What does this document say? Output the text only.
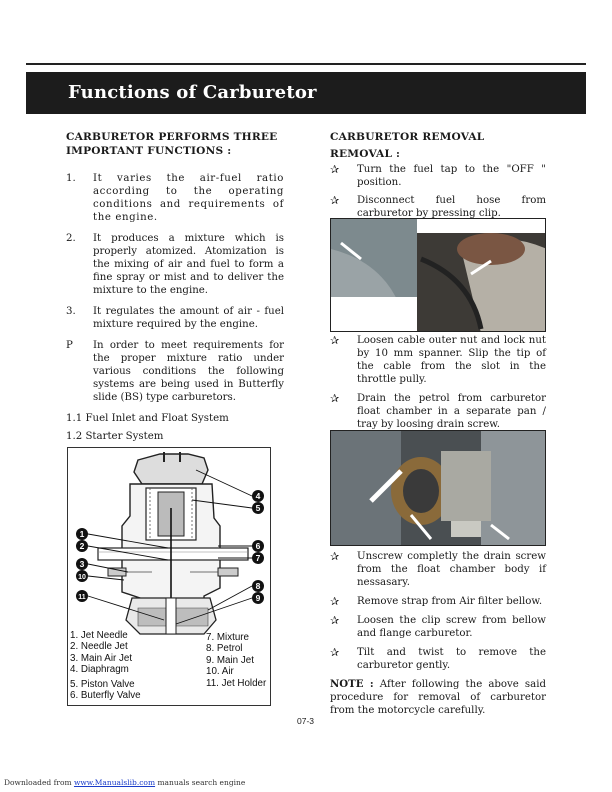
Functions of Carburetor
CARBURETOR PERFORMS THREE
IMPORTANT FUNCTIONS :
1.	It varies the air-fuel ratio according to the operating conditions and requirements of the engine.
2.	It produces a mixture which is properly atomized. Atomization is the mixing of air and fuel to form a fine spray or mist and to deliver the mixture to the engine.
3.	It regulates the amount of air - fuel mixture required by the engine.
P	In order to meet requirements for the proper mixture ratio under various conditions the following systems are being used in Butterfly slide (BS) type carburetors.
1.1 Fuel Inlet and Float System
1.2 Starter System
1
2
3
10
11
4
5
6
7
8
9
1. Jet Needle
2. Needle Jet
3. Main Air Jet
4. Diaphragm
5. Piston Valve
6. Buterfly Valve
7. Mixture
8. Petrol
9. Main Jet
10. Air
11. Jet Holder
CARBURETOR REMOVAL
REMOVAL :
✰	Turn the fuel tap to the "OFF " position.
✰	Disconnect fuel hose from carburetor by pressing clip.
✰	Loosen cable outer nut and lock nut by 10 mm spanner. Slip the tip of the cable from the slot in the throttle pully.
✰	Drain the petrol from carburetor float chamber in a separate pan / tray by loosing drain screw.
✰	Unscrew completly the drain screw from the float chamber body if nessasary.
✰	Remove strap from Air filter bellow.
✰	Loosen the clip screw from bellow and flange carburetor.
✰	Tilt and twist to remove the carburetor gently.
NOTE : After following the above said procedure for removal of carburetor from the motorcycle carefully.
07-3
Downloaded from www.Manualslib.com manuals search engine
